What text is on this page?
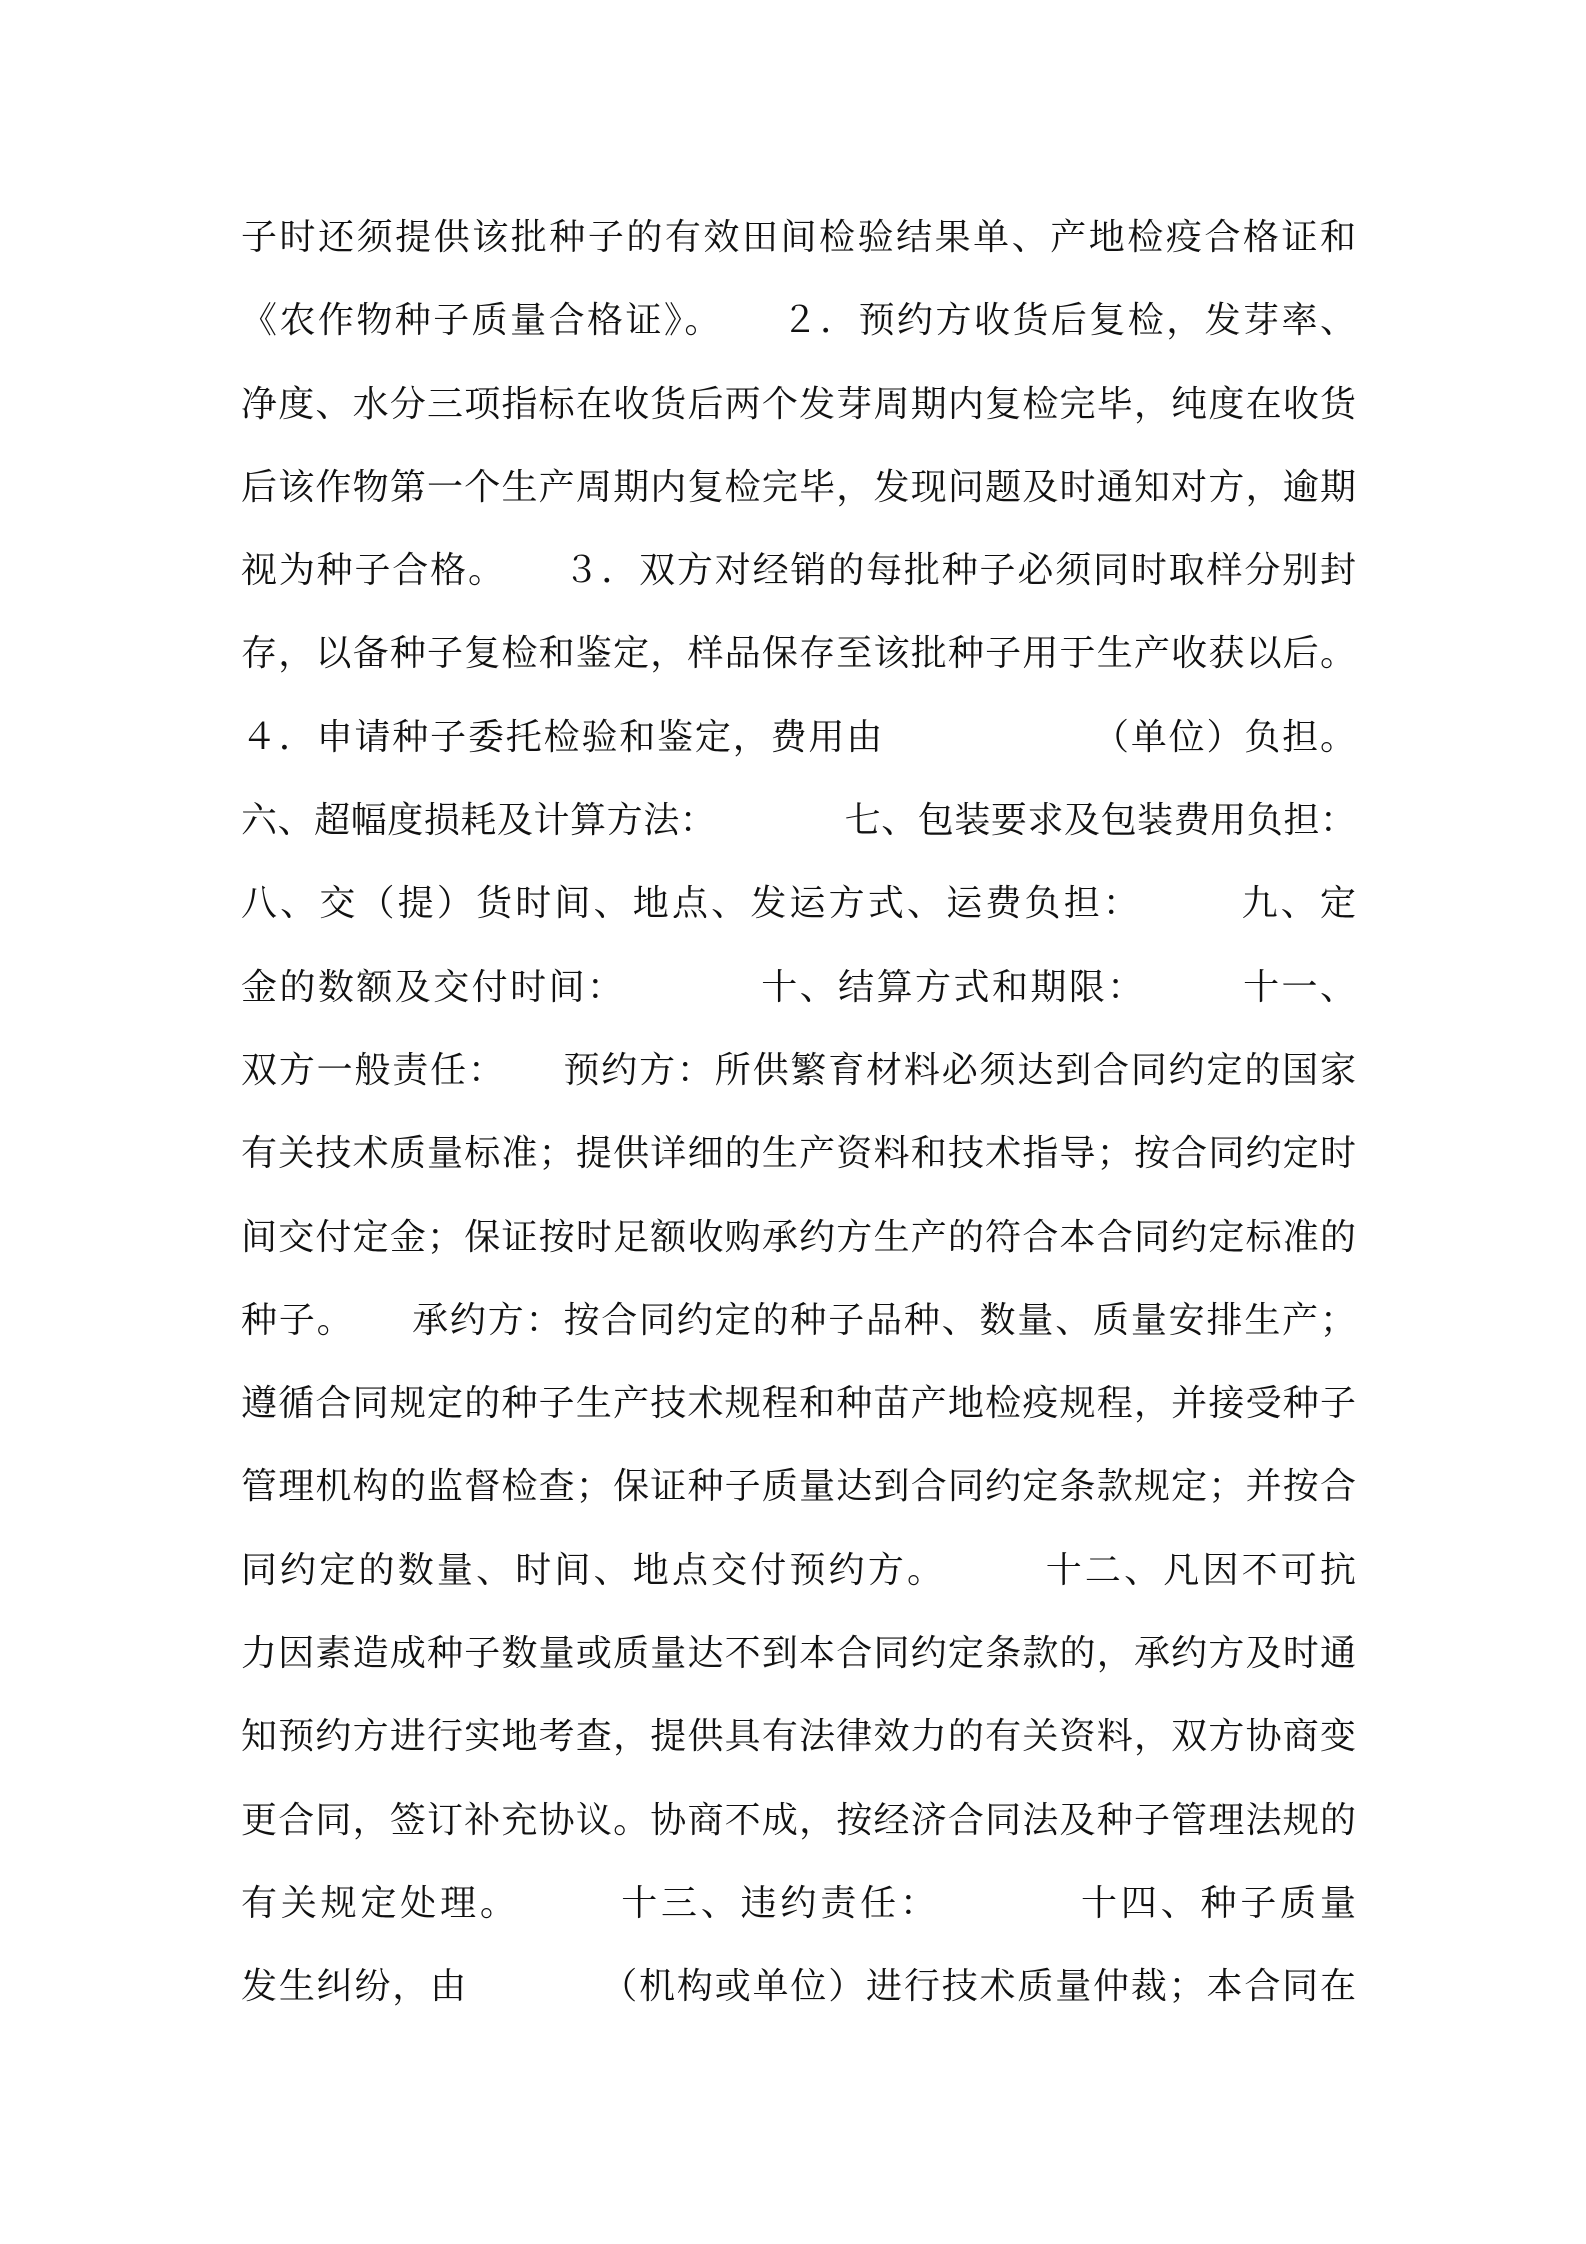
子时还须提供该批种子的有效田间检验结果单、产地检疫合格证和
《农作物种子质量合格证》。　　２．预约方收货后复检，发芽率、
净度、水分三项指标在收货后两个发芽周期内复检完毕，纯度在收货
后该作物第一个生产周期内复检完毕，发现问题及时通知对方，逾期
视为种子合格。　　３．双方对经销的每批种子必须同时取样分别封
存，以备种子复检和鉴定，样品保存至该批种子用于生产收获以后。
４．申请种子委托检验和鉴定，费用由　　　　　　（单位）负担。
六、超幅度损耗及计算方法：　　　　七、包装要求及包装费用负担：
八、交（提）货时间、地点、发运方式、运费负担：　　　九、定
金的数额及交付时间：　　　　十、结算方式和期限：　　　十一、
双方一般责任：　　预约方：所供繁育材料必须达到合同约定的国家
有关技术质量标准；提供详细的生产资料和技术指导；按合同约定时
间交付定金；保证按时足额收购承约方生产的符合本合同约定标准的
种子。　　承约方：按合同约定的种子品种、数量、质量安排生产；
遵循合同规定的种子生产技术规程和种苗产地检疫规程，并接受种子
管理机构的监督检查；保证种子质量达到合同约定条款规定；并按合
同约定的数量、时间、地点交付预约方。　　　十二、凡因不可抗
力因素造成种子数量或质量达不到本合同约定条款的，承约方及时通
知预约方进行实地考查，提供具有法律效力的有关资料，双方协商变
更合同，签订补充协议。协商不成，按经济合同法及种子管理法规的
有关规定处理。　　　十三、违约责任：　　　　十四、种子质量
发生纠纷，由　　　　（机构或单位）进行技术质量仲裁；本合同在
